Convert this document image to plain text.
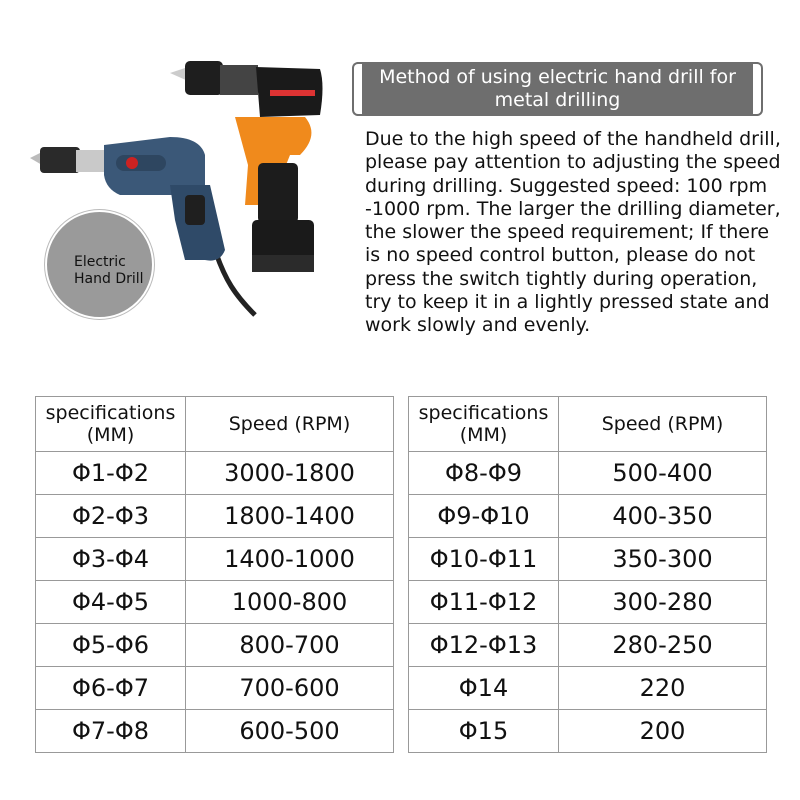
Electric Hand Drill
Method of using electric hand drill for metal drilling
Due to the high speed of the handheld drill, please pay attention to adjusting the speed during drilling. Suggested speed: 100 rpm -1000 rpm. The larger the drilling diameter, the slower the speed requirement; If there is no speed control button, please do not press the switch tightly during operation, try to keep it in a lightly pressed state and work slowly and evenly.
specifications (MM)	Speed (RPM)
Φ1-Φ2	3000-1800
Φ2-Φ3	1800-1400
Φ3-Φ4	1400-1000
Φ4-Φ5	1000-800
Φ5-Φ6	800-700
Φ6-Φ7	700-600
Φ7-Φ8	600-500
specifications (MM)	Speed (RPM)
Φ8-Φ9	500-400
Φ9-Φ10	400-350
Φ10-Φ11	350-300
Φ11-Φ12	300-280
Φ12-Φ13	280-250
Φ14	220
Φ15	200
